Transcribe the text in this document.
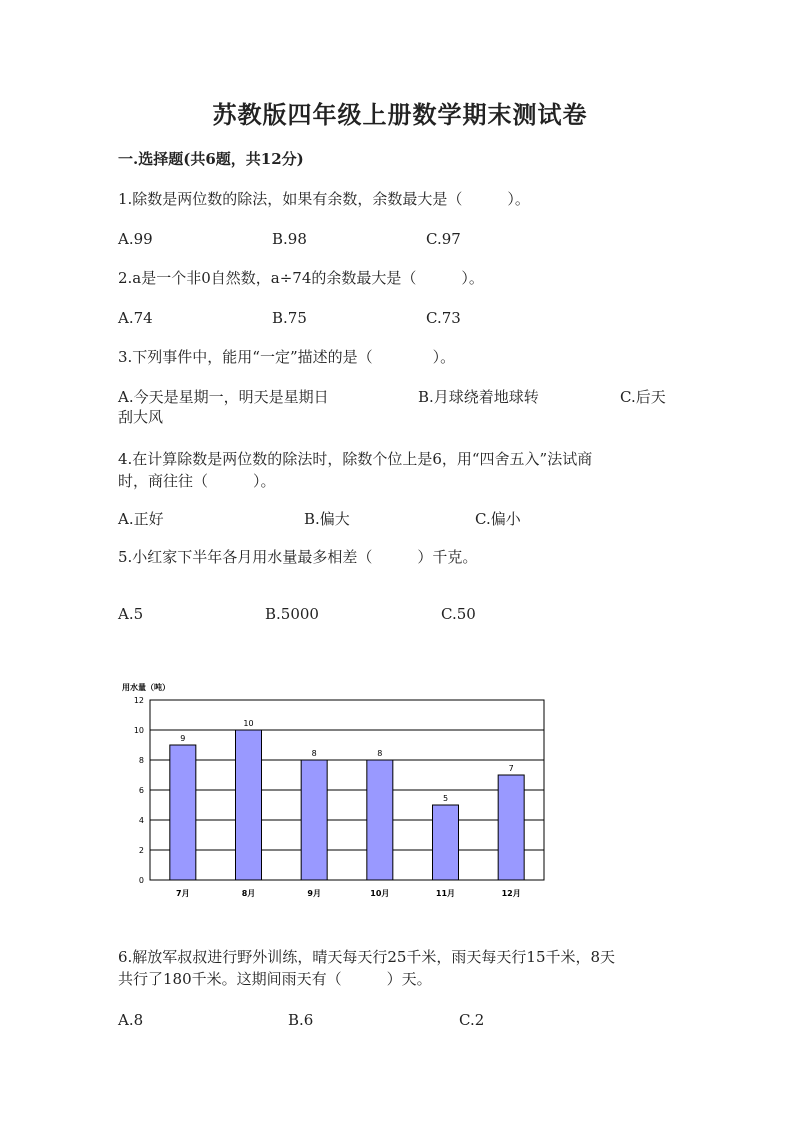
苏教版四年级上册数学期末测试卷
一.选择题(共6题，共12分)
1.除数是两位数的除法，如果有余数，余数最大是（　　　）。
A.99	B.98	C.97
2.a是一个非0自然数，a÷74的余数最大是（　　　）。
A.74	B.75	C.73
3.下列事件中，能用“一定”描述的是（　　　　）。
A.今天是星期一，明天是星期日	B.月球绕着地球转	C.后天
刮大风
4.在计算除数是两位数的除法时，除数个位上是6，用“四舍五入”法试商
时，商往往（　　　）。
A.正好	B.偏大	C.偏小
5.小红家下半年各月用水量最多相差（　　　）千克。
A.5	B.5000	C.50
用水量（吨）
9
10
8	8
5
7
0
2
4
6
8
10
12
7月	8月	9月	10月	11月	12月
6.解放军叔叔进行野外训练，晴天每天行25千米，雨天每天行15千米，8天
共行了180千米。这期间雨天有（　　　）天。
A.8	B.6	C.2
